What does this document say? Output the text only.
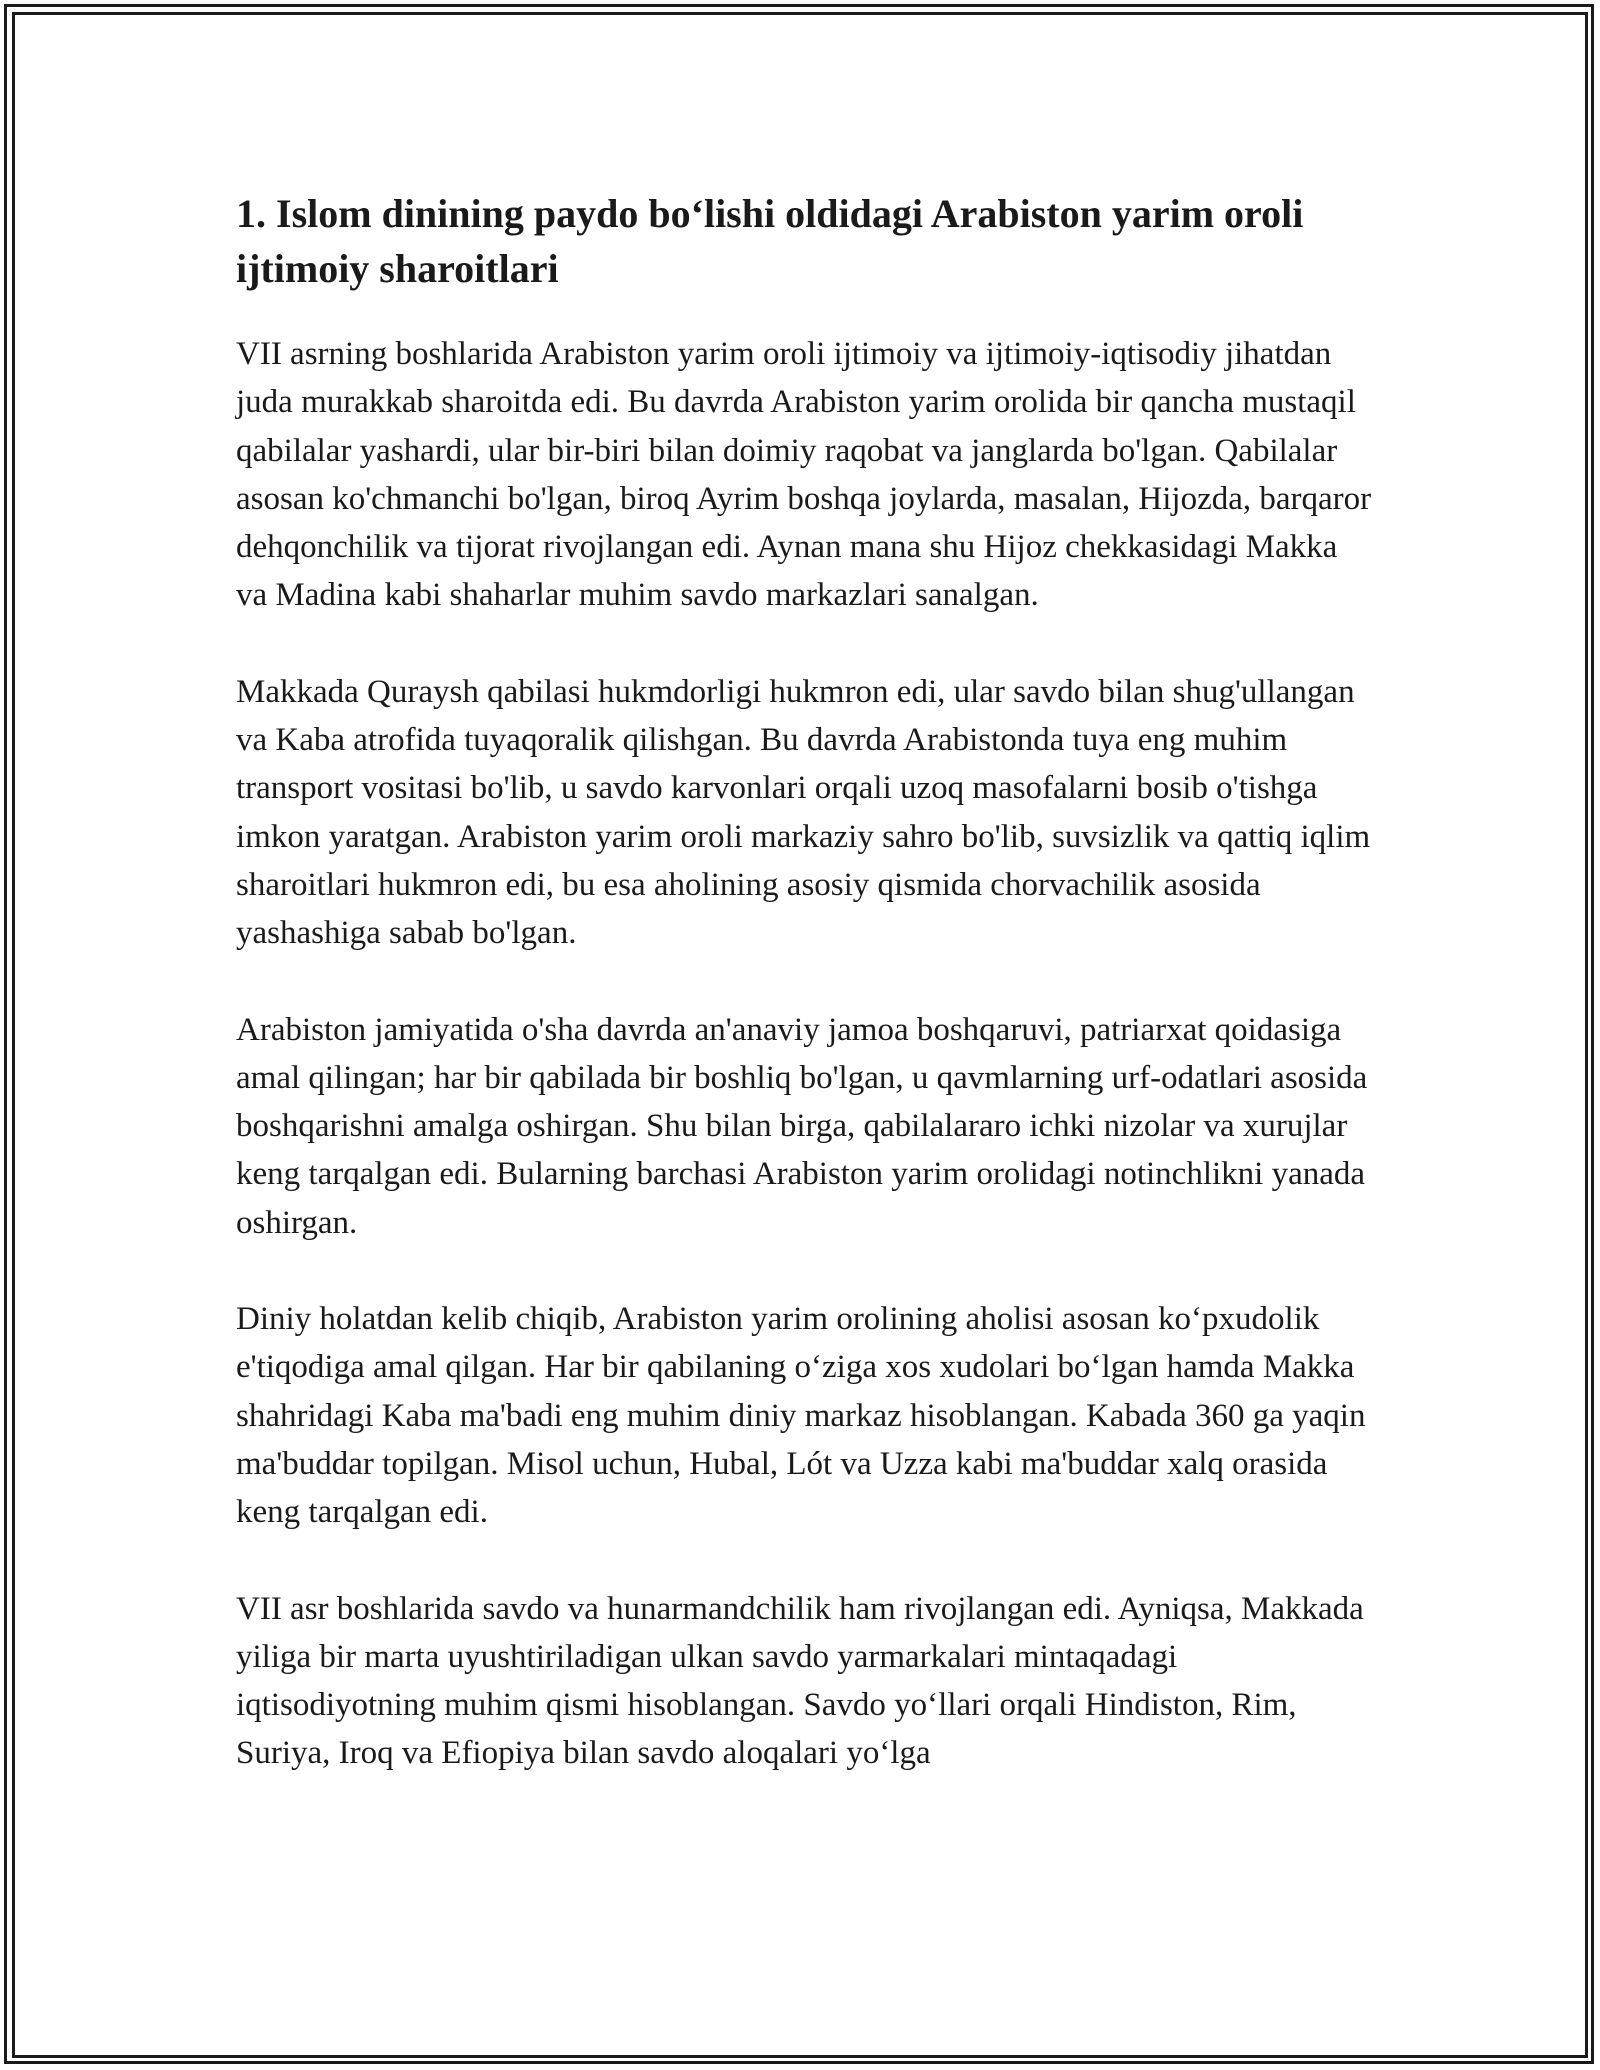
1. Islom dinining paydo bo‘lishi oldidagi Arabiston yarim oroli ijtimoiy sharoitlari

VII asrning boshlarida Arabiston yarim oroli ijtimoiy va ijtimoiy-iqtisodiy jihatdan juda murakkab sharoitda edi. Bu davrda Arabiston yarim orolida bir qancha mustaqil qabilalar yashardi, ular bir-biri bilan doimiy raqobat va janglarda bo'lgan. Qabilalar asosan ko'chmanchi bo'lgan, biroq Ayrim boshqa joylarda, masalan, Hijozda, barqaror dehqonchilik va tijorat rivojlangan edi. Aynan mana shu Hijoz chekkasidagi Makka va Madina kabi shaharlar muhim savdo markazlari sanalgan.

Makkada Quraysh qabilasi hukmdorligi hukmron edi, ular savdo bilan shug'ullangan va Kaba atrofida tuyaqoralik qilishgan. Bu davrda Arabistonda tuya eng muhim transport vositasi bo'lib, u savdo karvonlari orqali uzoq masofalarni bosib o'tishga imkon yaratgan. Arabiston yarim oroli markaziy sahro bo'lib, suvsizlik va qattiq iqlim sharoitlari hukmron edi, bu esa aholining asosiy qismida chorvachilik asosida yashashiga sabab bo'lgan.

Arabiston jamiyatida o'sha davrda an'anaviy jamoa boshqaruvi, patriarxat qoidasiga amal qilingan; har bir qabilada bir boshliq bo'lgan, u qavmlarning urf-odatlari asosida boshqarishni amalga oshirgan. Shu bilan birga, qabilalararo ichki nizolar va xurujlar keng tarqalgan edi. Bularning barchasi Arabiston yarim orolidagi notinchlikni yanada oshirgan.

Diniy holatdan kelib chiqib, Arabiston yarim orolining aholisi asosan ko‘pxudolik e'tiqodiga amal qilgan. Har bir qabilaning o‘ziga xos xudolari bo‘lgan hamda Makka shahridagi Kaba ma'badi eng muhim diniy markaz hisoblangan. Kabada 360 ga yaqin ma'buddar topilgan. Misol uchun, Hubal, Lót va Uzza kabi ma'buddar xalq orasida keng tarqalgan edi.

VII asr boshlarida savdo va hunarmandchilik ham rivojlangan edi. Ayniqsa, Makkada yiliga bir marta uyushtiriladigan ulkan savdo yarmarkalari mintaqadagi iqtisodiyotning muhim qismi hisoblangan. Savdo yo‘llari orqali Hindiston, Rim, Suriya, Iroq va Efiopiya bilan savdo aloqalari yo‘lga
